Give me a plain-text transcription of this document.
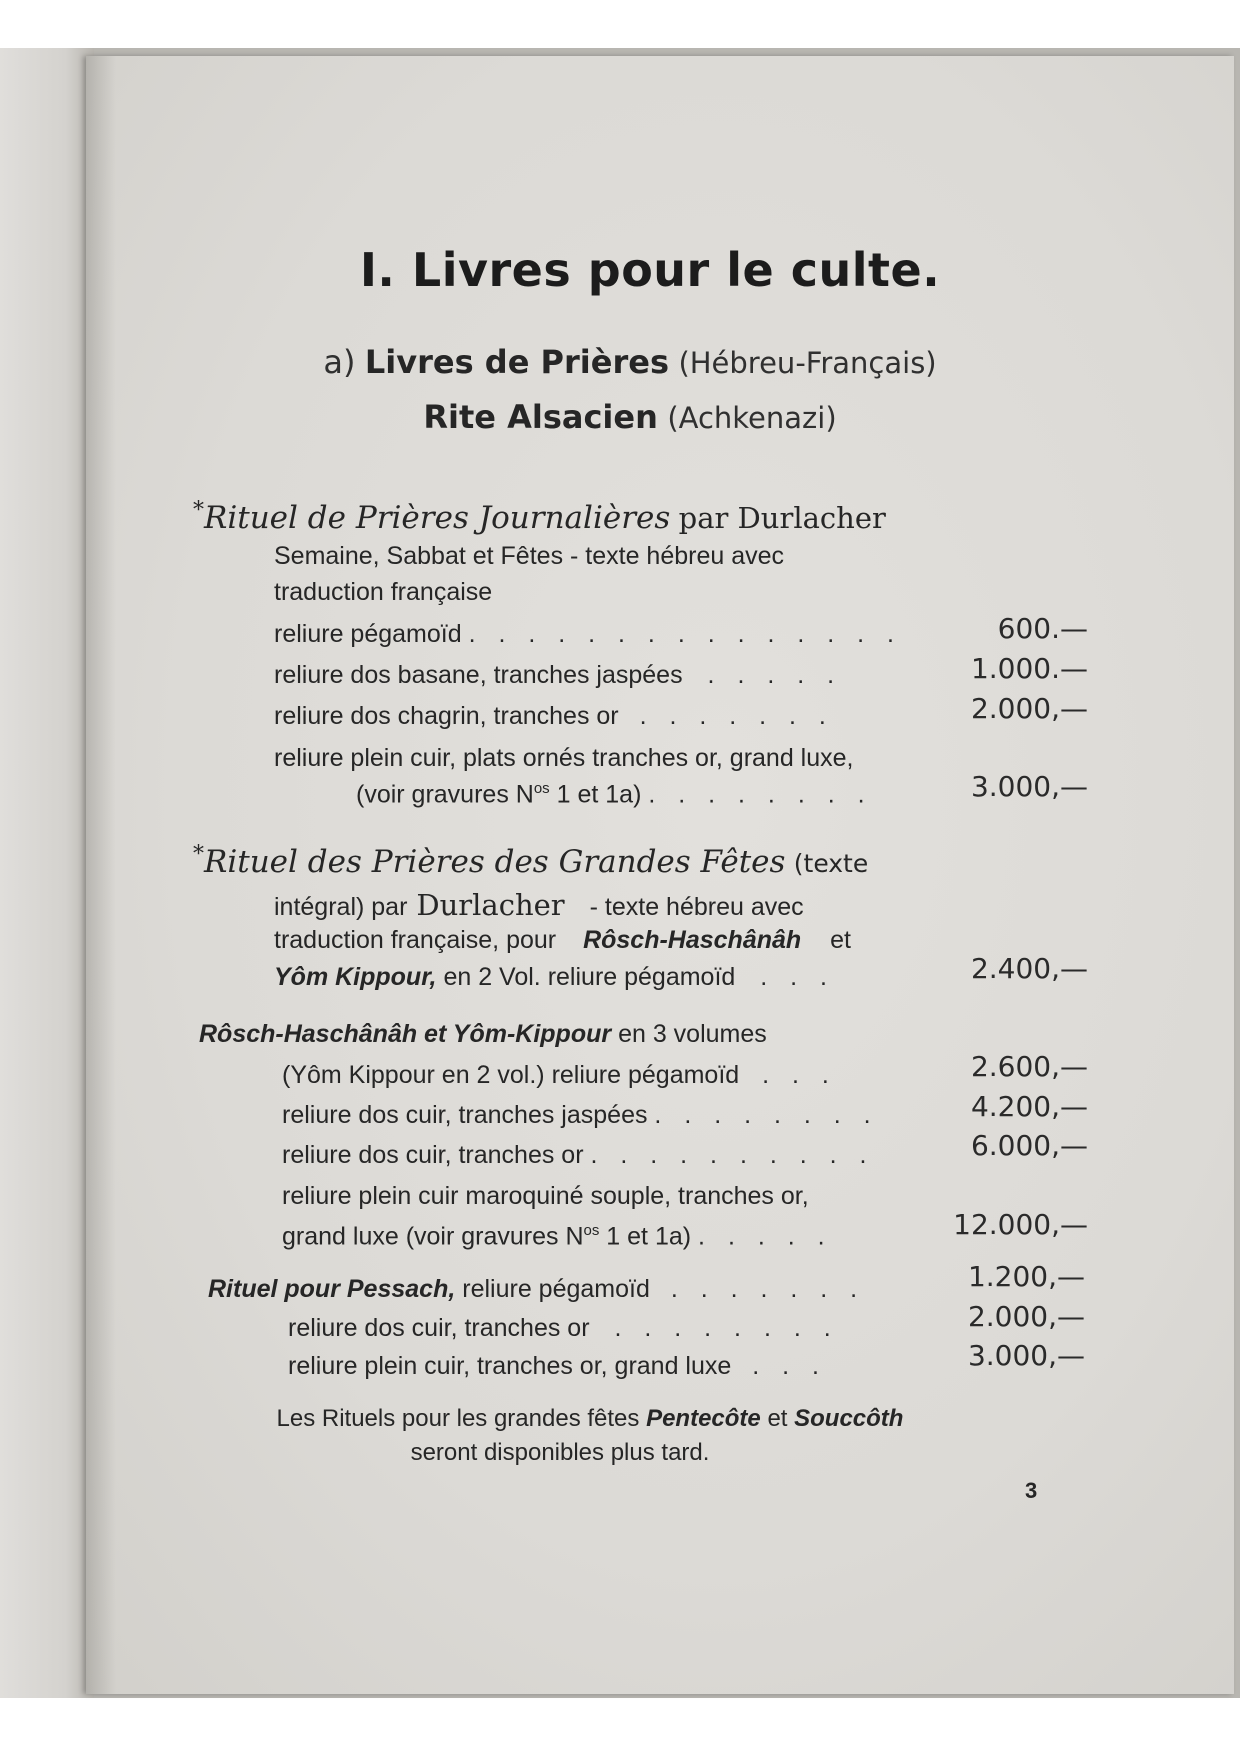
I. Livres pour le culte.
a) Livres de Prières (Hébreu-Français)
Rite Alsacien (Achkenazi)
*Rituel de Prières Journalières par Durlacher
Semaine, Sabbat et Fêtes - texte hébreu avec
traduction française
reliure pégamoïd . . . . . . . . . . . . . . .	600.—
reliure dos basane, tranches jaspées . . . . .	1.000.—
reliure dos chagrin, tranches or . . . . . . .	2.000,—
reliure plein cuir, plats ornés tranches or, grand luxe,
(voir gravures $N^{os}$ 1 et 1a) . . . . . . . .	3.000,—
*Rituel des Prières des Grandes Fêtes (texte
intégral) par Durlacher - texte hébreu avec
traduction française, pour Rôsch-Haschânâh et
Yôm Kippour, en 2 Vol. reliure pégamoïd . . .	2.400,—
Rôsch-Haschânâh et Yôm-Kippour en 3 volumes
(Yôm Kippour en 2 vol.) reliure pégamoïd . . .	2.600,—
reliure dos cuir, tranches jaspées . . . . . . . .	4.200,—
reliure dos cuir, tranches or . . . . . . . . . .	6.000,—
reliure plein cuir maroquiné souple, tranches or,
grand luxe (voir gravures $N^{os}$ 1 et 1a) . . . . .	12.000,—
Rituel pour Pessach, reliure pégamoïd . . . . . . .	1.200,—
reliure dos cuir, tranches or . . . . . . . .	2.000,—
reliure plein cuir, tranches or, grand luxe . . .	3.000,—
Les Rituels pour les grandes fêtes Pentecôte et Souccôth
seront disponibles plus tard.
3
